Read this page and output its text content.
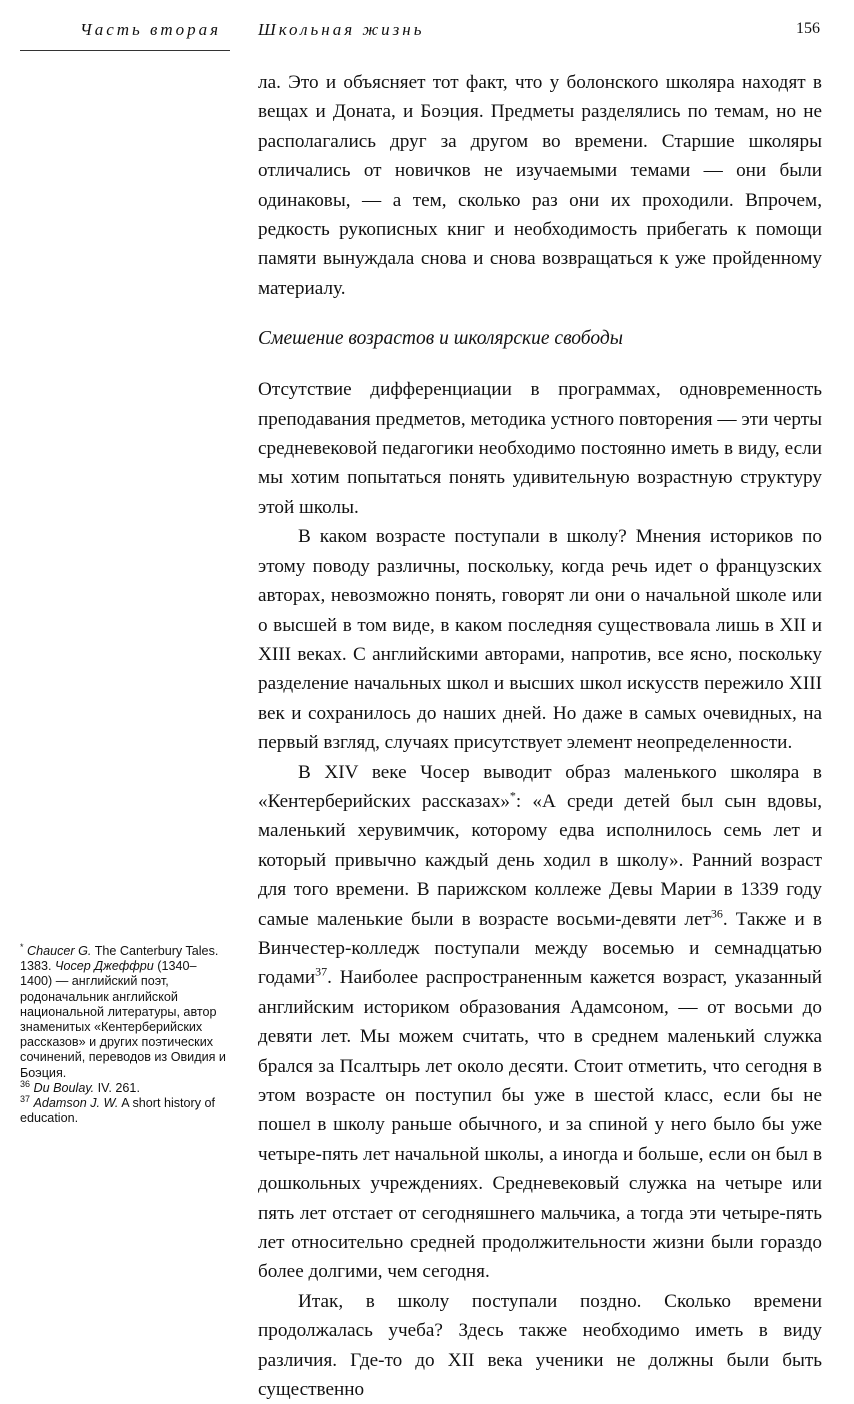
Часть вторая Школьная жизнь	156

ла. Это и объясняет тот факт, что у болонского школяра находят в вещах и Доната, и Боэция. Предметы разделялись по темам, но не располагались друг за другом во времени. Старшие школяры отличались от новичков не изучаемыми темами — они были одинаковы, — а тем, сколько раз они их проходили. Впрочем, редкость рукописных книг и необходимость прибегать к помощи памяти вынуждала снова и снова возвращаться к уже пройденному материалу.

Смешение возрастов и школярские свободы

Отсутствие дифференциации в программах, одновременность преподавания предметов, методика устного повторения — эти черты средневековой педагогики необходимо постоянно иметь в виду, если мы хотим попытаться понять удивительную возрастную структуру этой школы.

В каком возрасте поступали в школу? Мнения историков по этому поводу различны, поскольку, когда речь идет о французских авторах, невозможно понять, говорят ли они о начальной школе или о высшей в том виде, в каком последняя существовала лишь в XII и XIII веках. С английскими авторами, напротив, все ясно, поскольку разделение начальных школ и высших школ искусств пережило XIII век и сохранилось до наших дней. Но даже в самых очевидных, на первый взгляд, случаях присутствует элемент неопределенности.

В XIV веке Чосер выводит образ маленького школяра в «Кентерберийских рассказах»*: «А среди детей был сын вдовы, маленький херувимчик, которому едва исполнилось семь лет и который привычно каждый день ходил в школу». Ранний возраст для того времени. В парижском коллеже Девы Марии в 1339 году самые маленькие были в возрасте восьми-девяти лет$^{36}$. Также и в Винчестер-колледж поступали между восемью и семнадцатью годами$^{37}$. Наиболее распространенным кажется возраст, указанный английским историком образования Адамсоном, — от восьми до девяти лет. Мы можем считать, что в среднем маленький служка брался за Псалтырь лет около десяти. Стоит отметить, что сегодня в этом возрасте он поступил бы уже в шестой класс, если бы не пошел в школу раньше обычного, и за спиной у него было бы уже четыре-пять лет начальной школы, а иногда и больше, если он был в дошкольных учреждениях. Средневековый служка на четыре или пять лет отстает от сегодняшнего мальчика, а тогда эти четыре-пять лет относительно средней продолжительности жизни были гораздо более долгими, чем сегодня.

Итак, в школу поступали поздно. Сколько времени продолжалась учеба? Здесь также необходимо иметь в виду различия. Где-то до XII века ученики не должны были быть существенно

* Chaucer G. The Canterbury Tales. 1383. Чосер Джеффри (1340–1400) — английский поэт, родоначальник английской национальной литературы, автор знаменитых «Кентерберийских рассказов» и других поэтических сочинений, переводов из Овидия и Боэция.

$^{36}$ Du Boulay. IV. 261.

$^{37}$ Adamson J. W. A short history of education.
